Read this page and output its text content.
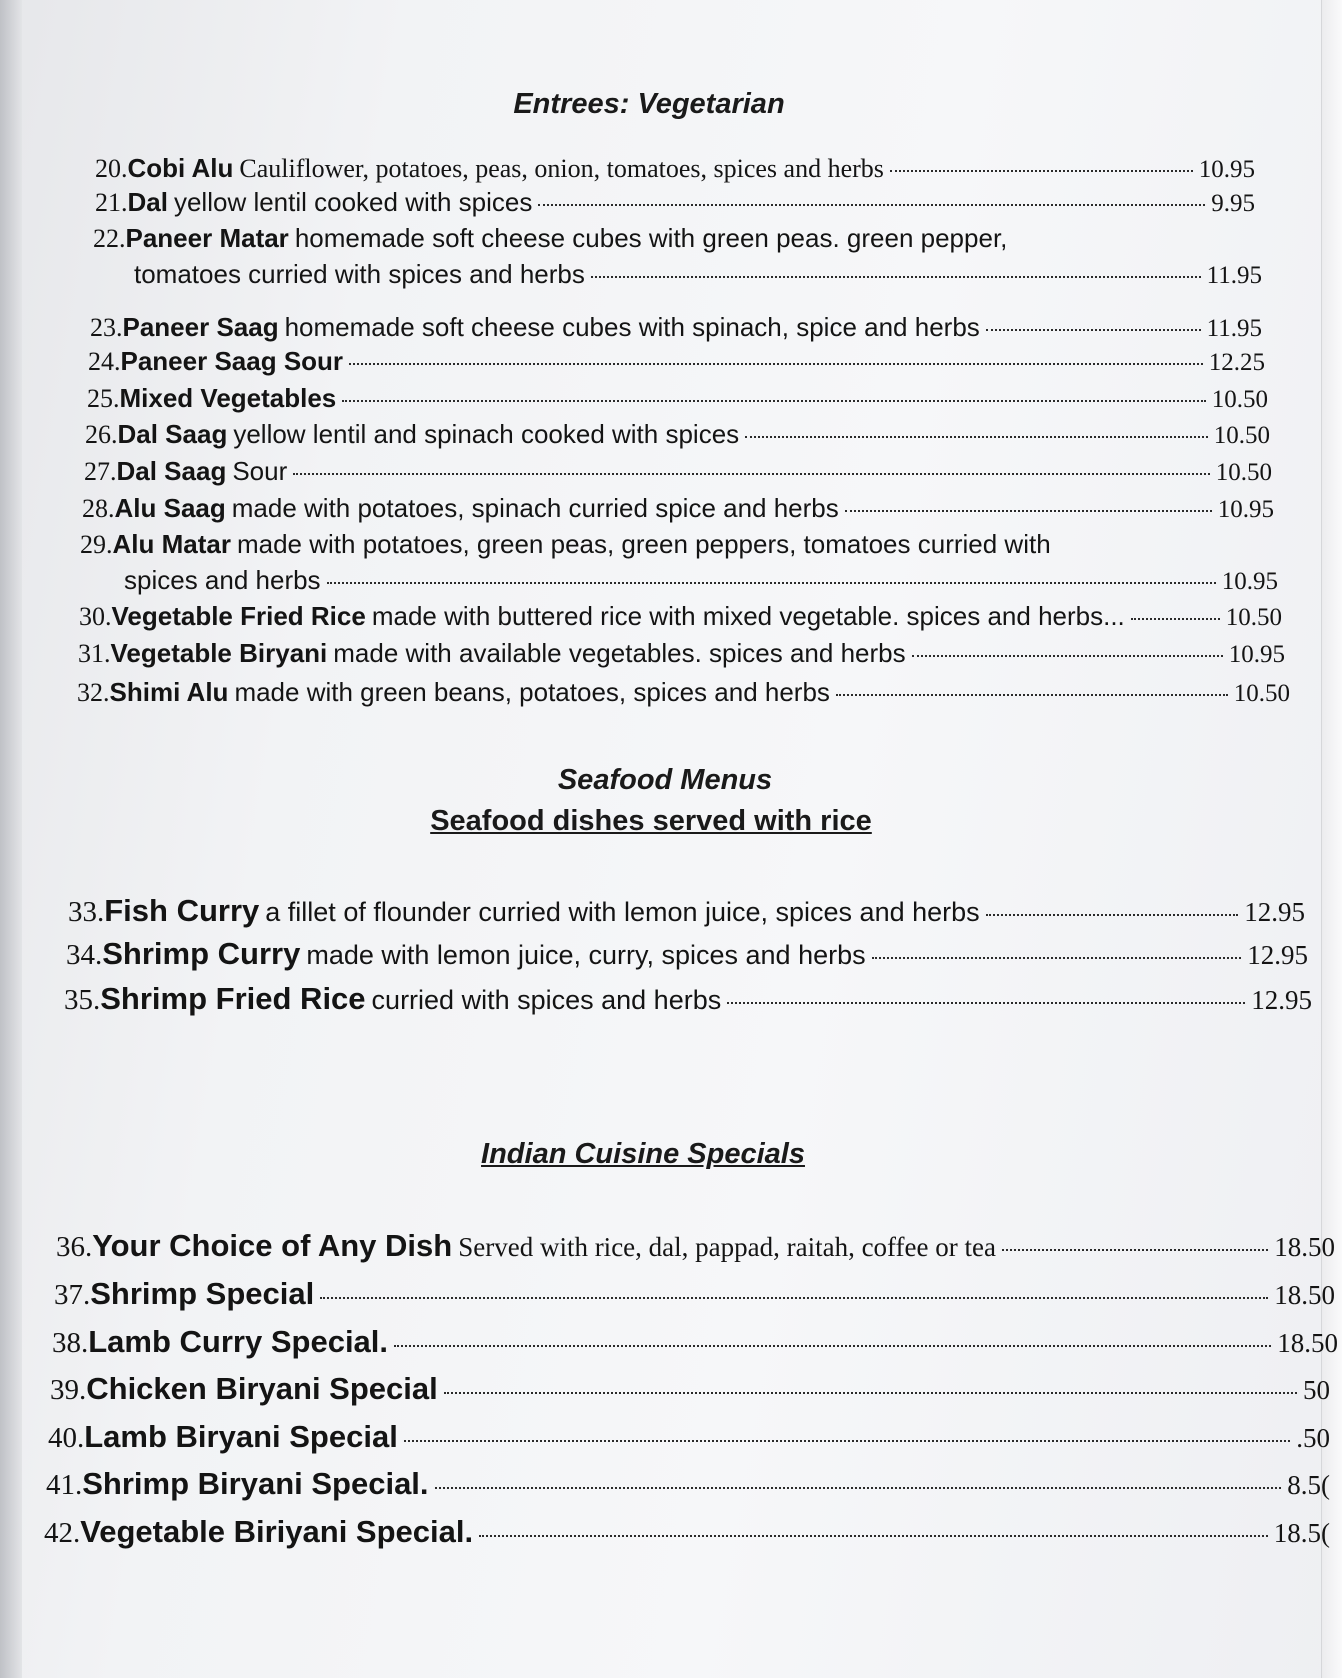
Entrees: Vegetarian
20. Cobi Alu Cauliflower, potatoes, peas, onion, tomatoes, spices and herbs	10.95
21. Dal yellow lentil cooked with spices	9.95
22. Paneer Matar homemade soft cheese cubes with green peas. green pepper,
tomatoes curried with spices and herbs	11.95
23. Paneer Saag homemade soft cheese cubes with spinach, spice and herbs	11.95
24. Paneer Saag Sour	12.25
25. Mixed Vegetables	10.50
26. Dal Saag yellow lentil and spinach cooked with spices	10.50
27. Dal Saag Sour	10.50
28. Alu Saag made with potatoes, spinach curried spice and herbs	10.95
29. Alu Matar made with potatoes, green peas, green peppers, tomatoes curried with
spices and herbs	10.95
30. Vegetable Fried Rice made with buttered rice with mixed vegetable. spices and herbs...	10.50
31. Vegetable Biryani made with available vegetables. spices and herbs	10.95
32. Shimi Alu made with green beans, potatoes, spices and herbs	10.50
Seafood Menus
Seafood dishes served with rice
33. Fish Curry a fillet of flounder curried with lemon juice, spices and herbs	12.95
34. Shrimp Curry made with lemon juice, curry, spices and herbs	12.95
35. Shrimp Fried Rice curried with spices and herbs	12.95
Indian Cuisine Specials
36. Your Choice of Any Dish Served with rice, dal, pappad, raitah, coffee or tea	18.50
37. Shrimp Special	18.50
38. Lamb Curry Special.	18.50
39. Chicken Biryani Special	50
40. Lamb Biryani Special	.50
41. Shrimp Biryani Special.	8.5(
42. Vegetable Biriyani Special.	18.5(
